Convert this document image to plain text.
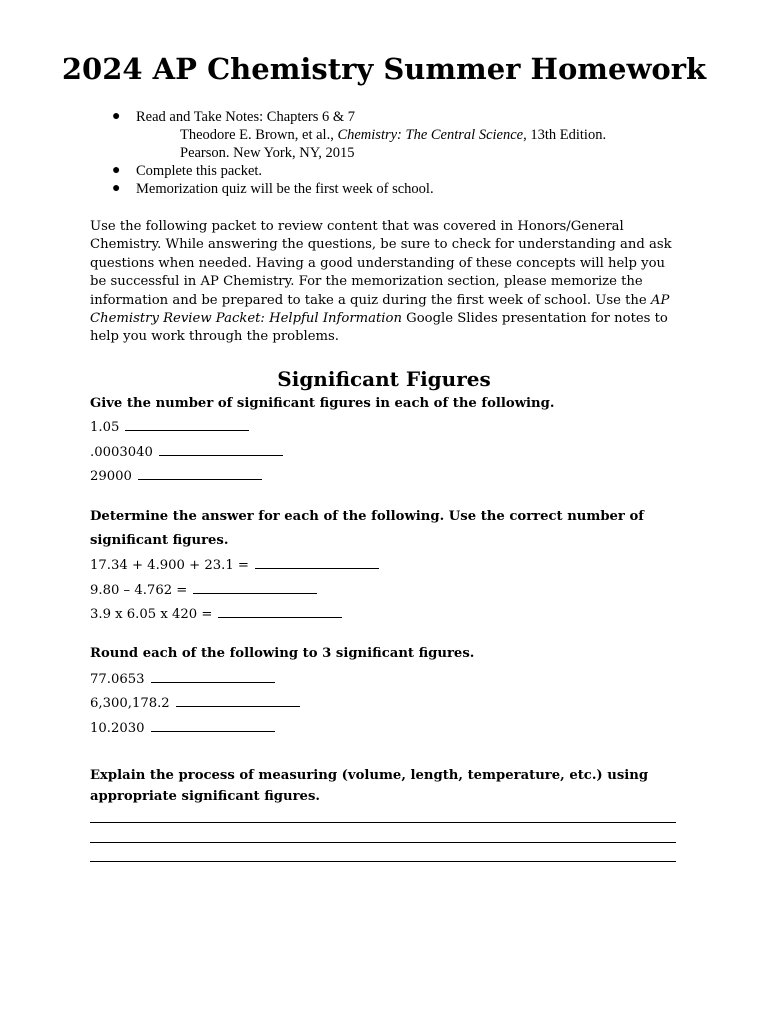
2024 AP Chemistry Summer Homework
● Read and Take Notes: Chapters 6 & 7
Theodore E. Brown, et al., Chemistry: The Central Science, 13th Edition.
Pearson. New York, NY, 2015
● Complete this packet.
● Memorization quiz will be the first week of school.

Use the following packet to review content that was covered in Honors/General Chemistry. While answering the questions, be sure to check for understanding and ask questions when needed. Having a good understanding of these concepts will help you be successful in AP Chemistry. For the memorization section, please memorize the information and be prepared to take a quiz during the first week of school. Use the AP Chemistry Review Packet: Helpful Information Google Slides presentation for notes to help you work through the problems.

Significant Figures

Give the number of significant figures in each of the following.

1.05
.0003040
29000

Determine the answer for each of the following. Use the correct number of significant figures.

17.34 + 4.900 + 23.1 =
9.80 – 4.762 =
3.9 x 6.05 x 420 =

Round each of the following to 3 significant figures.

77.0653
6,300,178.2
10.2030

Explain the process of measuring (volume, length, temperature, etc.) using appropriate significant figures.
